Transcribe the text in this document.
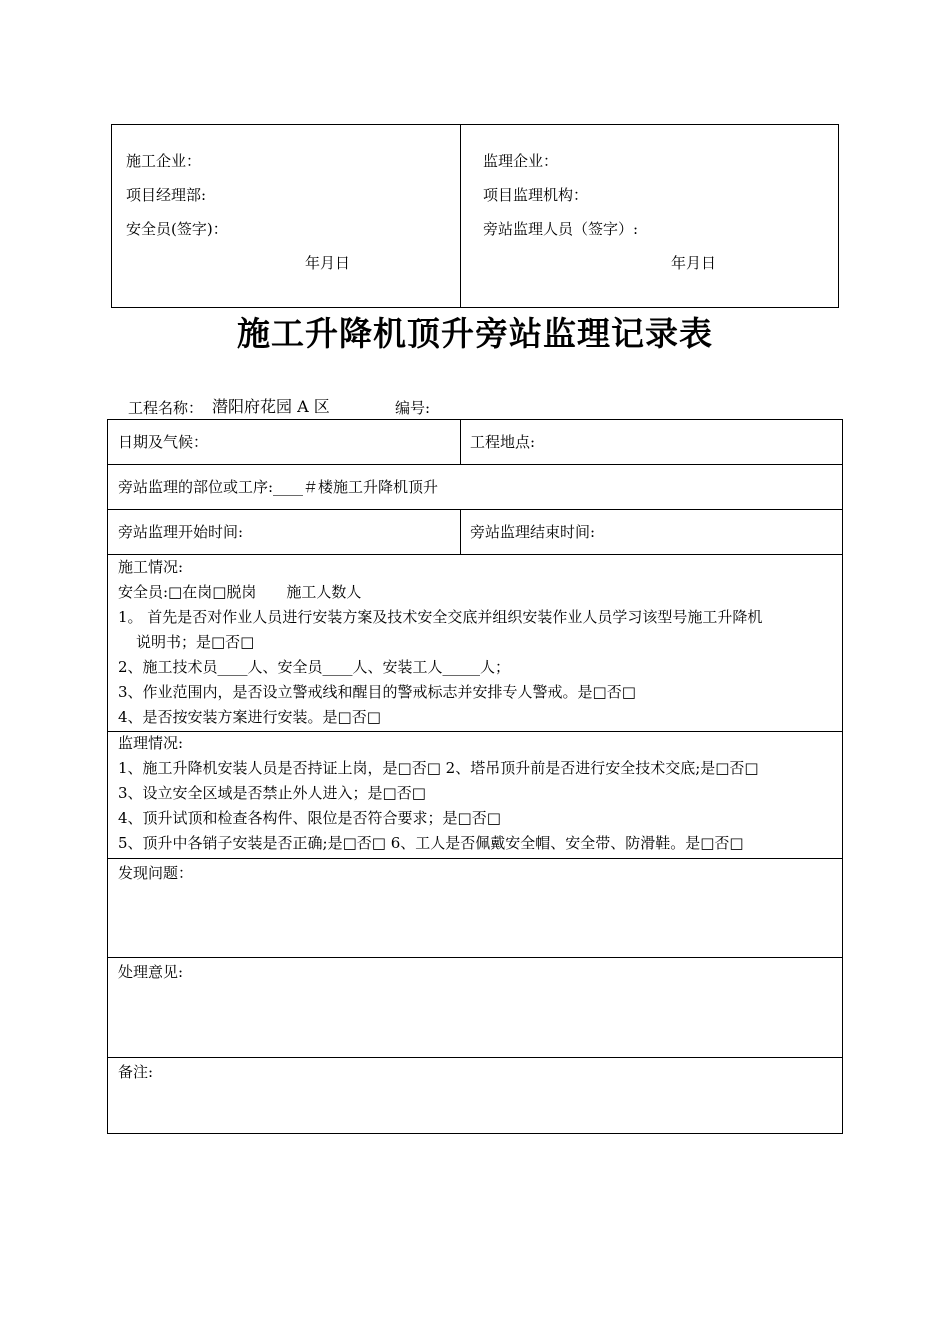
施工企业：
项目经理部:
安全员(签字)：
年月日
监理企业：
项目监理机构：
旁站监理人员（签字）:
年月日
施工升降机顶升旁站监理记录表
工程名称： 潜阳府花园 A 区	编号:
日期及气候：	工程地点:
旁站监理的部位或工序:____＃楼施工升降机顶升
旁站监理开始时间:	旁站监理结束时间:
施工情况:
安全员:□在岗□脱岗　　施工人数人
1。 首先是否对作业人员进行安装方案及技术安全交底并组织安装作业人员学习该型号施工升降机
说明书；是□否□
2、施工技术员____人、安全员____人、安装工人_____人；
3、作业范围内，是否设立警戒线和醒目的警戒标志并安排专人警戒。是□否□
4、是否按安装方案进行安装。是□否□
监理情况:
1、施工升降机安装人员是否持证上岗，是□否□ 2、塔吊顶升前是否进行安全技术交底;是□否□
3、设立安全区域是否禁止外人进入；是□否□
4、顶升试顶和检查各构件、限位是否符合要求；是□否□
5、顶升中各销子安装是否正确;是□否□ 6、工人是否佩戴安全帽、安全带、防滑鞋。是□否□
发现问题：
处理意见:
备注:
